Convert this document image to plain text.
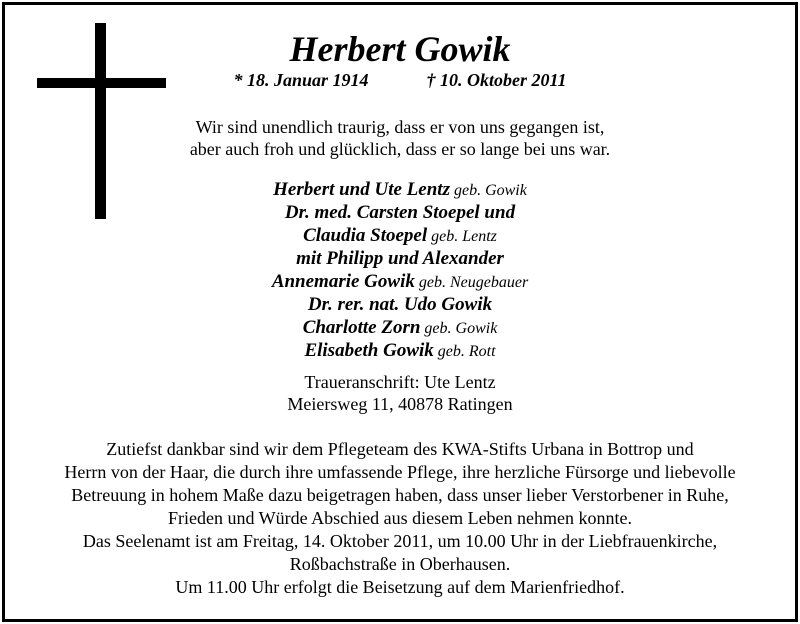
Herbert Gowik
* 18. Januar 1914	† 10. Oktober 2011
Wir sind unendlich traurig, dass er von uns gegangen ist,
aber auch froh und glücklich, dass er so lange bei uns war.
Herbert und Ute Lentz geb. Gowik
Dr. med. Carsten Stoepel und
Claudia Stoepel geb. Lentz
mit Philipp und Alexander
Annemarie Gowik geb. Neugebauer
Dr. rer. nat. Udo Gowik
Charlotte Zorn geb. Gowik
Elisabeth Gowik geb. Rott
Traueranschrift: Ute Lentz
Meiersweg 11, 40878 Ratingen
Zutiefst dankbar sind wir dem Pflegeteam des KWA-Stifts Urbana in Bottrop und
Herrn von der Haar, die durch ihre umfassende Pflege, ihre herzliche Fürsorge und liebevolle
Betreuung in hohem Maße dazu beigetragen haben, dass unser lieber Verstorbener in Ruhe,
Frieden und Würde Abschied aus diesem Leben nehmen konnte.
Das Seelenamt ist am Freitag, 14. Oktober 2011, um 10.00 Uhr in der Liebfrauenkirche,
Roßbachstraße in Oberhausen.
Um 11.00 Uhr erfolgt die Beisetzung auf dem Marienfriedhof.
